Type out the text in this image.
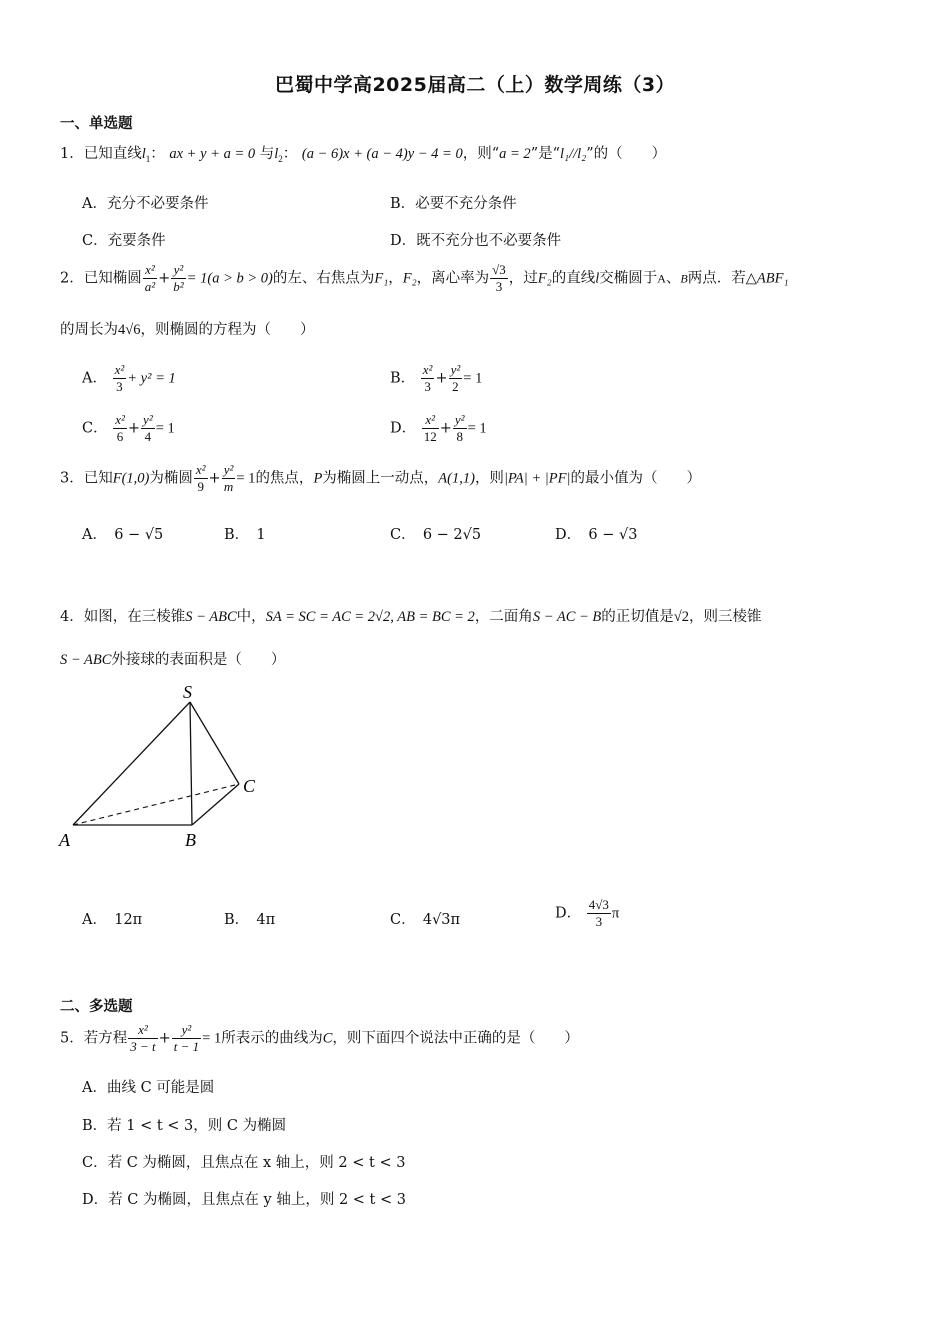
巴蜀中学高2025届高二（上）数学周练（3）
一、单选题
1．已知直线$l_1$： ax + y + a = 0 与$l_2$： (a − 6)x + (a − 4)y − 4 = 0，则“a = 2”是“l₁//l₂”的（　　）
A．充分不必要条件	B．必要不充分条件
C．充要条件	D．既不充分也不必要条件
2．已知椭圆 $\frac{\text{x²}}{\text{a²}} + \frac{\text{y²}}{\text{b²}} = 1(a > b > 0)$的左、右焦点为F₁，F₂，离心率为 $\frac{√3}{3}$ ，过F₂的直线l交椭圆于A、B两点．若△ABF₁
的周长为4√6，则椭圆的方程为（　　）
A． $\frac{\text{x²}}{3} + y^2 = 1$	B． $\frac{\text{x²}}{3} + \frac{\text{y²}}{2} = 1$
C． $\frac{\text{x²}}{6} + \frac{\text{y²}}{4} = 1$	D． $\frac{\text{x²}}{12} + \frac{\text{y²}}{8} = 1$
3．已知F(1,0)为椭圆 $\frac{\text{x²}}{9} + \frac{\text{y²}}{m} = 1$的焦点，P为椭圆上一动点，A(1,1)，则|PA| + |PF|的最小值为（　　）
A．　6 − √5	B．　1	C．　6 − 2√5	D．　6 − √3
4．如图，在三棱锥S − ABC中，SA = SC = AC = 2√2, AB = BC = 2，二面角S − AC − B的正切值是√2，则三棱锥
S − ABC外接球的表面积是（　　）
S
A	B
C
A．　12π	B．　4π	C．　4√3π	D． $\frac{4√3}{3}$ π
二、多选题
5．若方程 $\frac{\text{x²}}{3 - t} + \frac{\text{y²}}{t - 1} = 1$所表示的曲线为C，则下面四个说法中正确的是（　　）
A．曲线 C 可能是圆
B．若 1 < t < 3，则 C 为椭圆
C．若 C 为椭圆，且焦点在 x 轴上，则 2 < t < 3
D．若 C 为椭圆，且焦点在 y 轴上，则 2 < t < 3
